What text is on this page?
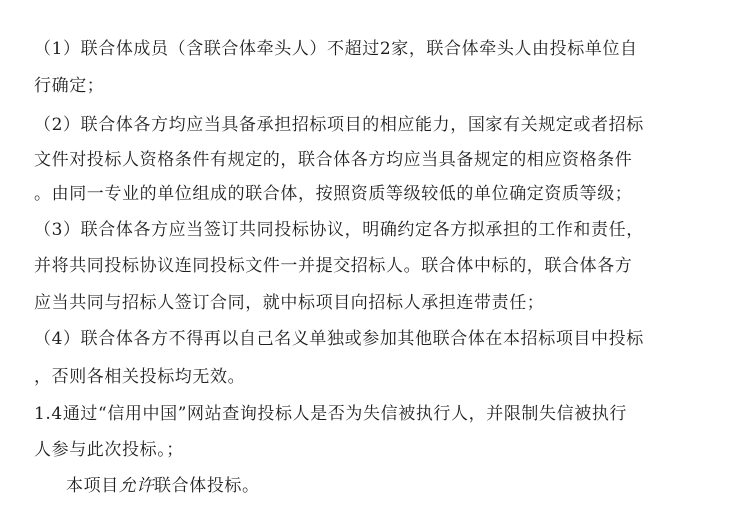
（1）联合体成员（含联合体牵头人）不超过2家，联合体牵头人由投标单位自
行确定；
（2）联合体各方均应当具备承担招标项目的相应能力，国家有关规定或者招标
文件对投标人资格条件有规定的，联合体各方均应当具备规定的相应资格条件
。由同一专业的单位组成的联合体，按照资质等级较低的单位确定资质等级；
（3）联合体各方应当签订共同投标协议，明确约定各方拟承担的工作和责任，
并将共同投标协议连同投标文件一并提交招标人。联合体中标的，联合体各方
应当共同与招标人签订合同，就中标项目向招标人承担连带责任；
（4）联合体各方不得再以自己名义单独或参加其他联合体在本招标项目中投标
，否则各相关投标均无效。
1.4通过“信用中国”网站查询投标人是否为失信被执行人，并限制失信被执行
人参与此次投标。；
本项目允许联合体投标。
